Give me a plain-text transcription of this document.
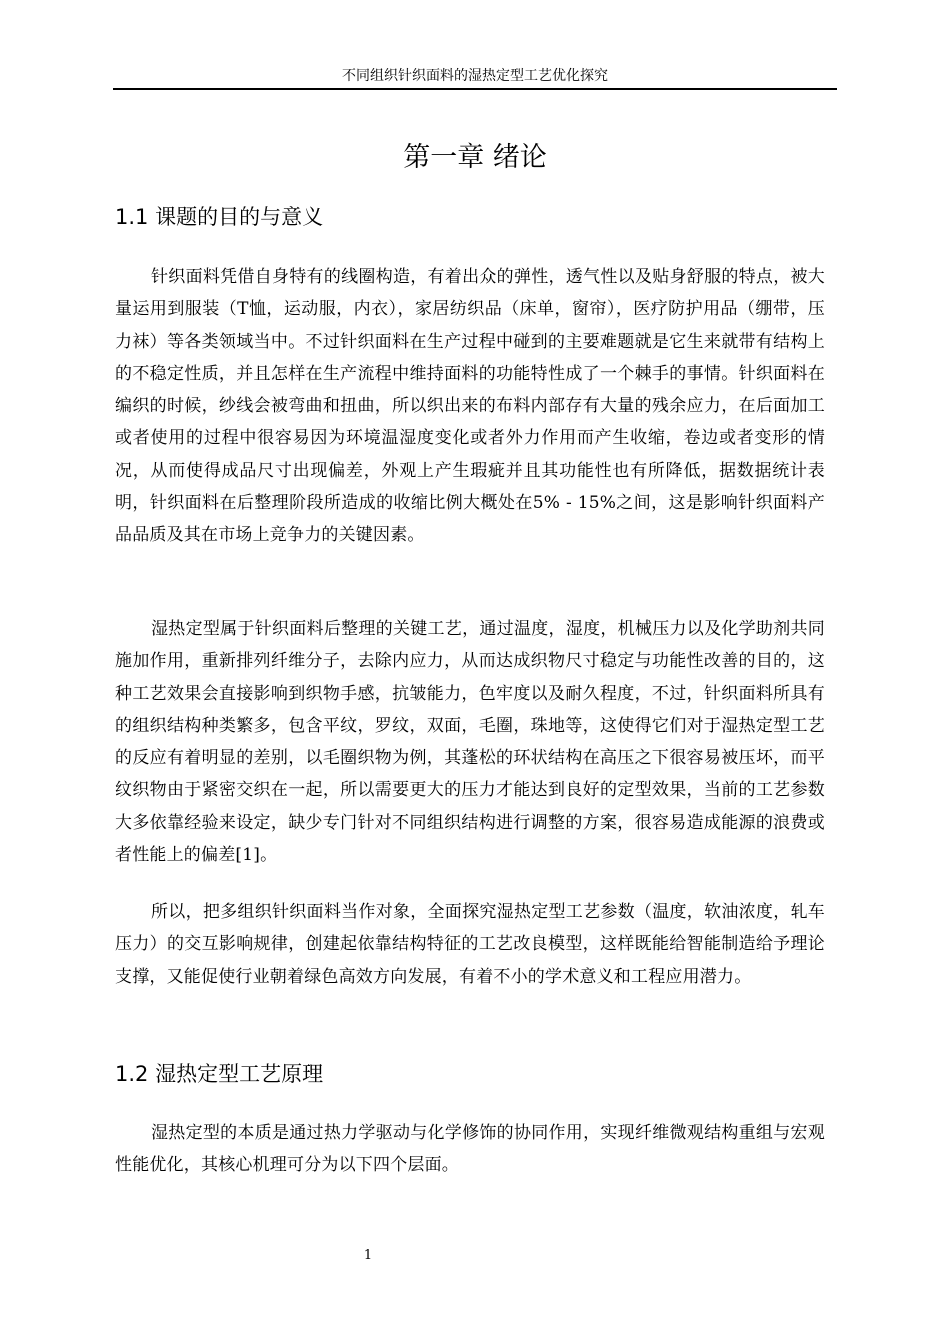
不同组织针织面料的湿热定型工艺优化探究
第一章 绪论
1.1 课题的目的与意义

针织面料凭借自身特有的线圈构造，有着出众的弹性，透气性以及贴身舒服的特点，被大量运用到服装（T恤，运动服，内衣），家居纺织品（床单，窗帘），医疗防护用品（绷带，压力袜）等各类领域当中。不过针织面料在生产过程中碰到的主要难题就是它生来就带有结构上的不稳定性质，并且怎样在生产流程中维持面料的功能特性成了一个棘手的事情。针织面料在编织的时候，纱线会被弯曲和扭曲，所以织出来的布料内部存有大量的残余应力，在后面加工或者使用的过程中很容易因为环境温湿度变化或者外力作用而产生收缩，卷边或者变形的情况，从而使得成品尺寸出现偏差，外观上产生瑕疵并且其功能性也有所降低，据数据统计表明，针织面料在后整理阶段所造成的收缩比例大概处在5% - 15%之间，这是影响针织面料产品品质及其在市场上竞争力的关键因素。

湿热定型属于针织面料后整理的关键工艺，通过温度，湿度，机械压力以及化学助剂共同施加作用，重新排列纤维分子，去除内应力，从而达成织物尺寸稳定与功能性改善的目的，这种工艺效果会直接影响到织物手感，抗皱能力，色牢度以及耐久程度，不过，针织面料所具有的组织结构种类繁多，包含平纹，罗纹，双面，毛圈，珠地等，这使得它们对于湿热定型工艺的反应有着明显的差别，以毛圈织物为例，其蓬松的环状结构在高压之下很容易被压坏，而平纹织物由于紧密交织在一起，所以需要更大的压力才能达到良好的定型效果，当前的工艺参数大多依靠经验来设定，缺少专门针对不同组织结构进行调整的方案，很容易造成能源的浪费或者性能上的偏差[1]。

所以，把多组织针织面料当作对象，全面探究湿热定型工艺参数（温度，软油浓度，轧车压力）的交互影响规律，创建起依靠结构特征的工艺改良模型，这样既能给智能制造给予理论支撑，又能促使行业朝着绿色高效方向发展，有着不小的学术意义和工程应用潜力。

1.2 湿热定型工艺原理

湿热定型的本质是通过热力学驱动与化学修饰的协同作用，实现纤维微观结构重组与宏观性能优化，其核心机理可分为以下四个层面。

1
